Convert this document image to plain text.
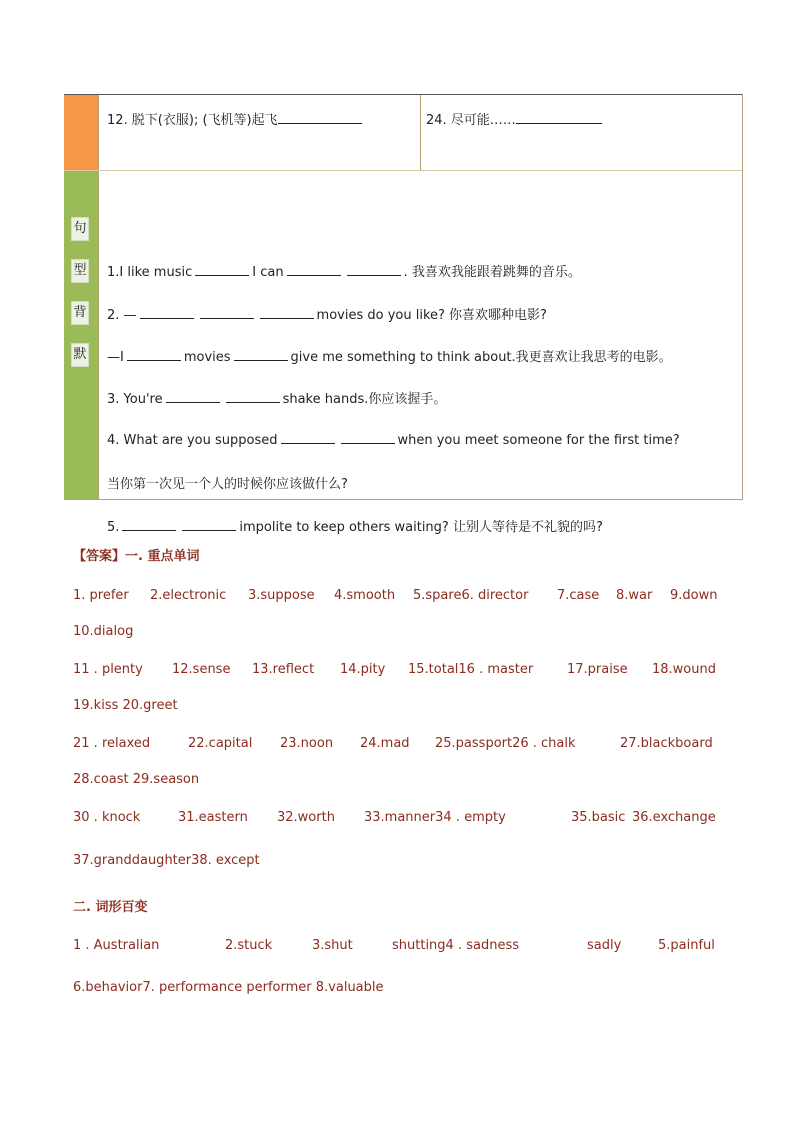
12. 脱下(衣服); (飞机等)起飞	24. 尽可能……
句
型
背
默
1.I like music	I can	. 我喜欢我能跟着跳舞的音乐。
2. —	movies do you like? 你喜欢哪种电影?
—I	movies	give me something to think about.我更喜欢让我思考的电影。
3. You're	shake hands.你应该握手。
4. What are you supposed	when you meet someone for the first time?
当你第一次见一个人的时候你应该做什么?
5.	impolite to keep others waiting? 让别人等待是不礼貌的吗?
【答案】一. 重点单词
1. prefer 2.electronic 3.suppose 4.smooth 5.spare6. director 7.case 8.war 9.down
10.dialog
11 . plenty 12.sense 13.reflect 14.pity 15.total16 . master	17.praise 18.wound
19.kiss 20.greet
21 . relaxed	22.capital 23.noon 24.mad 25.passport26 . chalk	27.blackboard
28.coast 29.season
30 . knock	31.eastern 32.worth 33.manner34 . empty	35.basic 36.exchange
37.granddaughter38. except
二. 词形百变
1 . Australian	2.stuck	3.shut	shutting4 . sadness	sadly	5.painful
6.behavior7. performance performer 8.valuable
